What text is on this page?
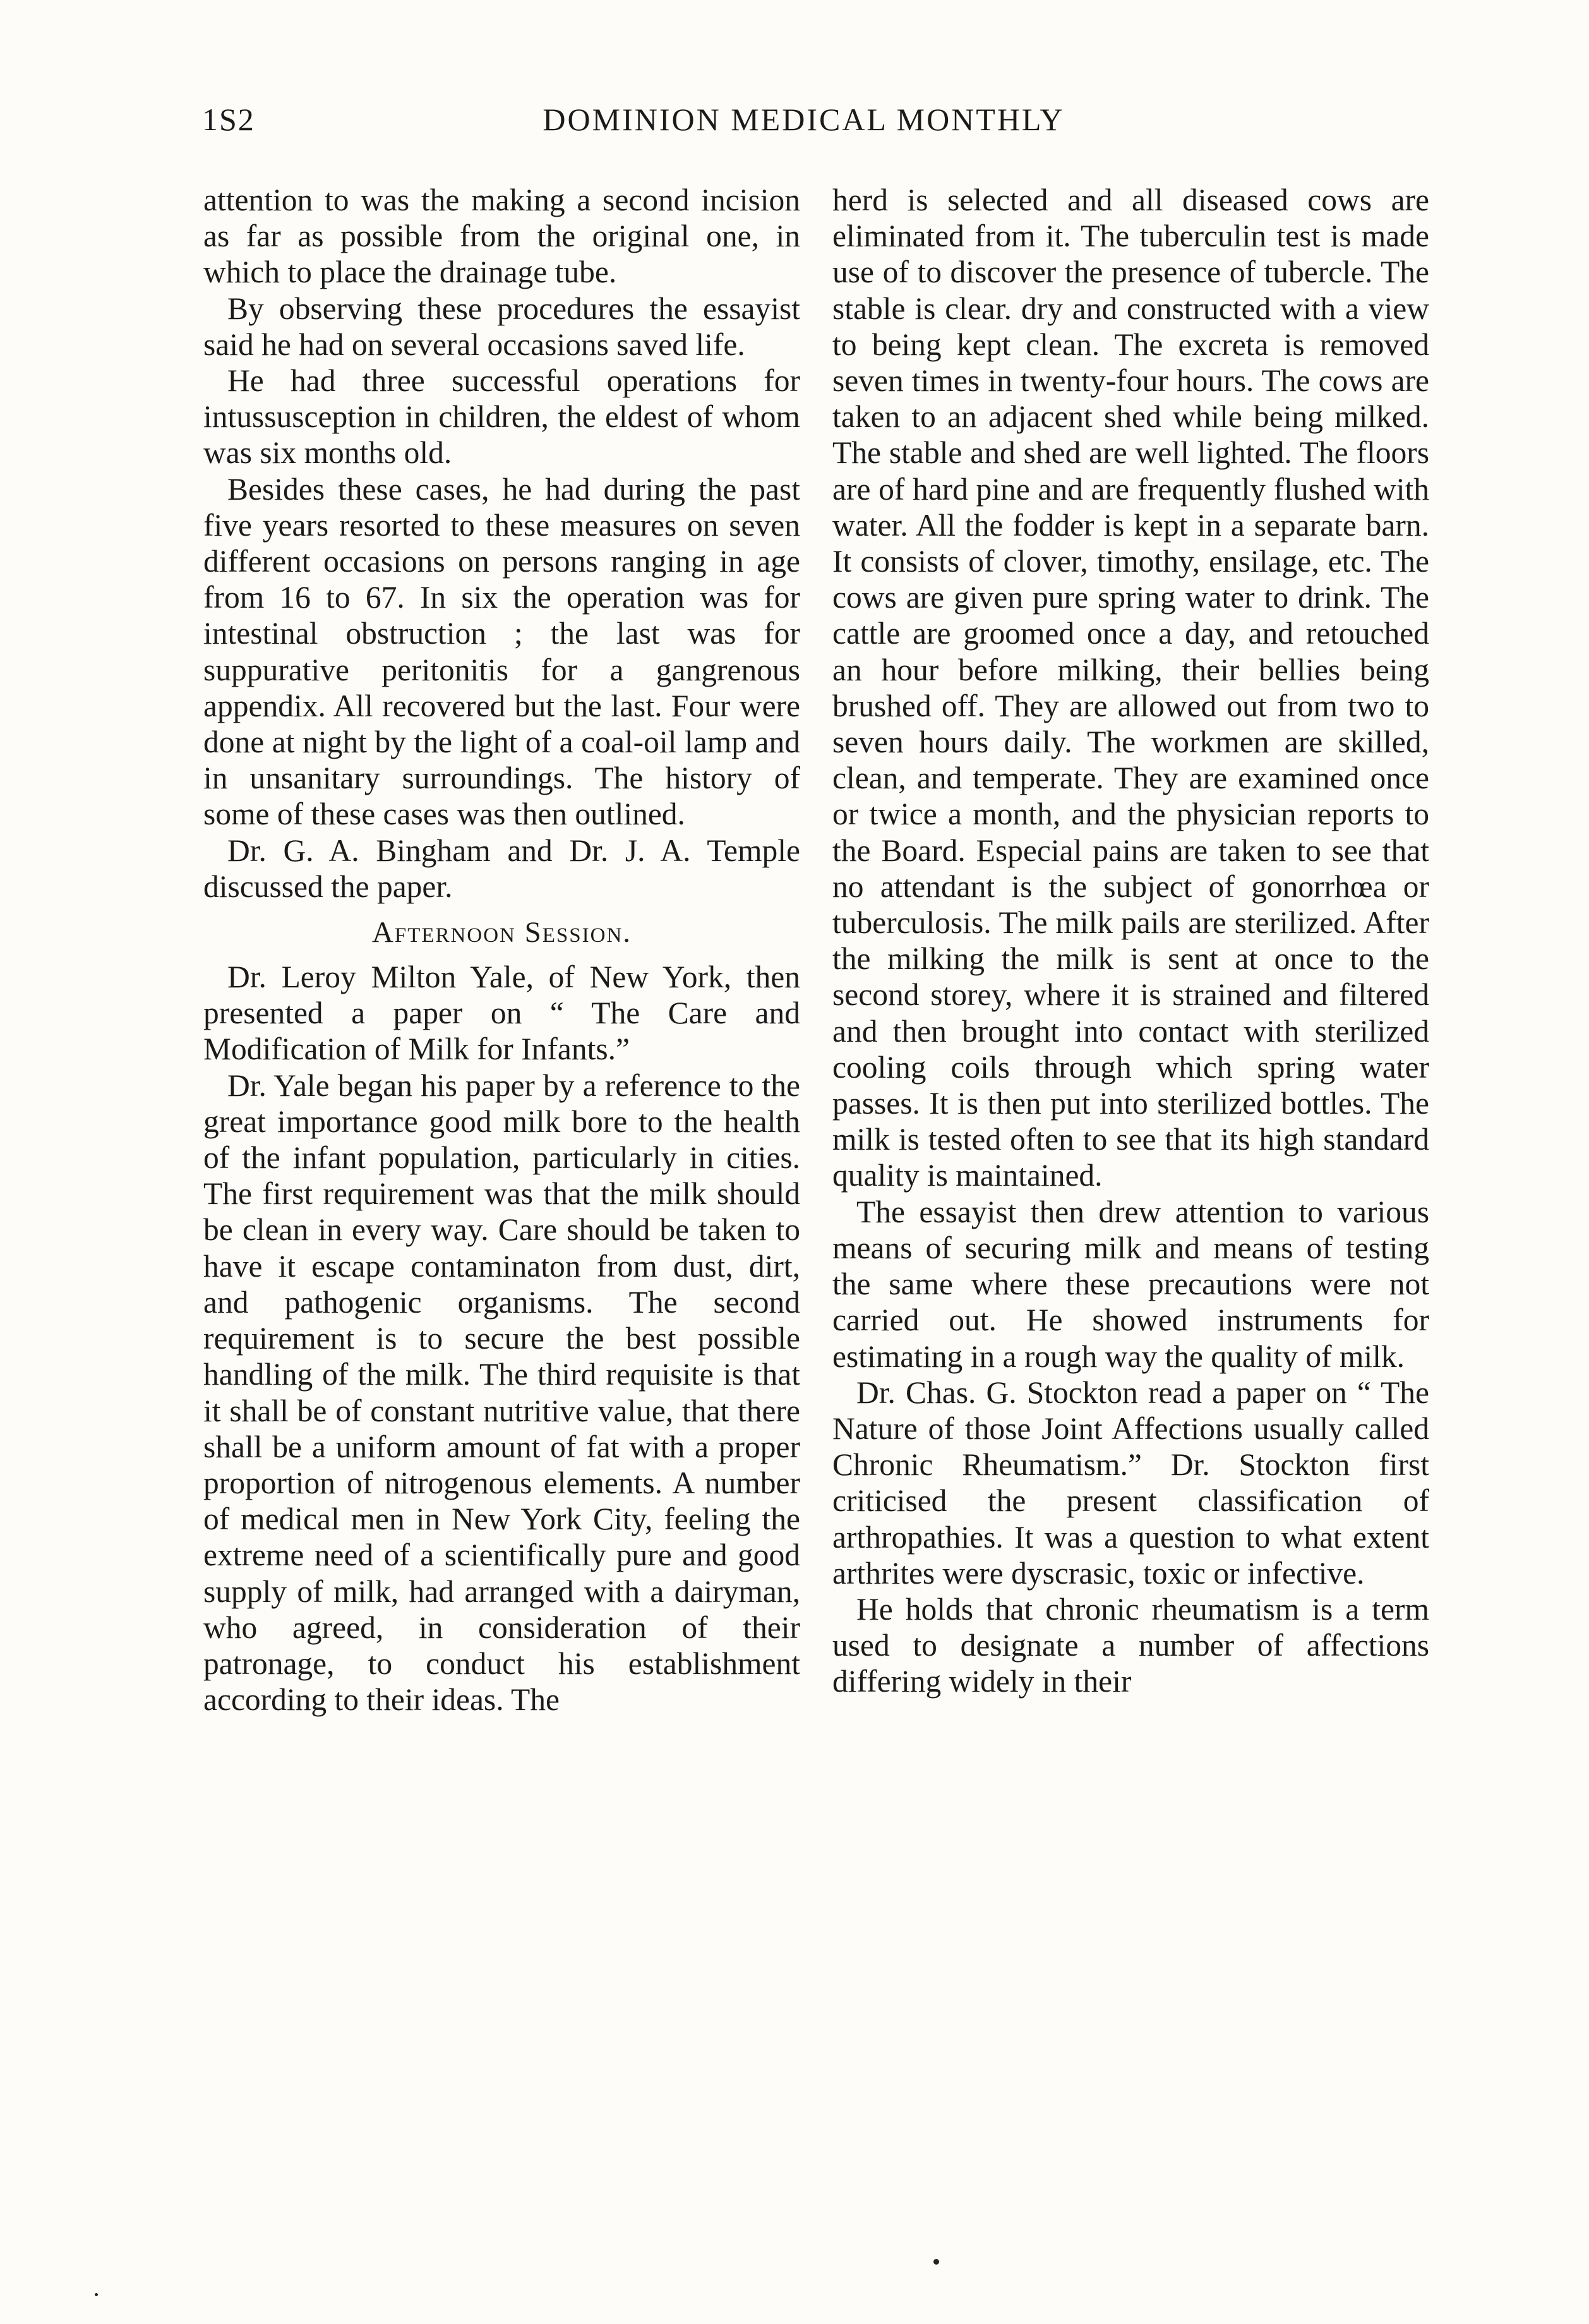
1S2	DOMINION MEDICAL MONTHLY

attention to was the making a second incision as far as possible from the original one, in which to place the drainage tube.

By observing these procedures the essayist said he had on several occasions saved life.

He had three successful operations for intussusception in children, the eldest of whom was six months old.

Besides these cases, he had during the past five years resorted to these measures on seven different occasions on persons ranging in age from 16 to 67. In six the operation was for intestinal obstruction ; the last was for suppurative peritonitis for a gangrenous appendix. All recovered but the last. Four were done at night by the light of a coal-oil lamp and in unsanitary surroundings. The history of some of these cases was then outlined.

Dr. G. A. Bingham and Dr. J. A. Temple discussed the paper.

Afternoon Session.

Dr. Leroy Milton Yale, of New York, then presented a paper on “ The Care and Modification of Milk for Infants.”

Dr. Yale began his paper by a reference to the great importance good milk bore to the health of the infant population, particularly in cities. The first requirement was that the milk should be clean in every way. Care should be taken to have it escape contaminaton from dust, dirt, and pathogenic organisms. The second requirement is to secure the best possible handling of the milk. The third requisite is that it shall be of constant nutritive value, that there shall be a uniform amount of fat with a proper proportion of nitrogenous elements. A number of medical men in New York City, feeling the extreme need of a scientifically pure and good supply of milk, had arranged with a dairyman, who agreed, in consideration of their patronage, to conduct his establishment according to their ideas. The

herd is selected and all diseased cows are eliminated from it. The tuberculin test is made use of to discover the presence of tubercle. The stable is clear. dry and constructed with a view to being kept clean. The excreta is removed seven times in twenty-four hours. The cows are taken to an adjacent shed while being milked. The stable and shed are well lighted. The floors are of hard pine and are frequently flushed with water. All the fodder is kept in a separate barn. It consists of clover, timothy, ensilage, etc. The cows are given pure spring water to drink. The cattle are groomed once a day, and retouched an hour before milking, their bellies being brushed off. They are allowed out from two to seven hours daily. The workmen are skilled, clean, and temperate. They are examined once or twice a month, and the physician reports to the Board. Especial pains are taken to see that no attendant is the subject of gonorrhœa or tuberculosis. The milk pails are sterilized. After the milking the milk is sent at once to the second storey, where it is strained and filtered and then brought into contact with sterilized cooling coils through which spring water passes. It is then put into sterilized bottles. The milk is tested often to see that its high standard quality is maintained.

The essayist then drew attention to various means of securing milk and means of testing the same where these precautions were not carried out. He showed instruments for estimating in a rough way the quality of milk.

Dr. Chas. G. Stockton read a paper on “ The Nature of those Joint Affections usually called Chronic Rheumatism.” Dr. Stockton first criticised the present classification of arthropathies. It was a question to what extent arthrites were dyscrasic, toxic or infective.

He holds that chronic rheumatism is a term used to designate a number of affections differing widely in their
